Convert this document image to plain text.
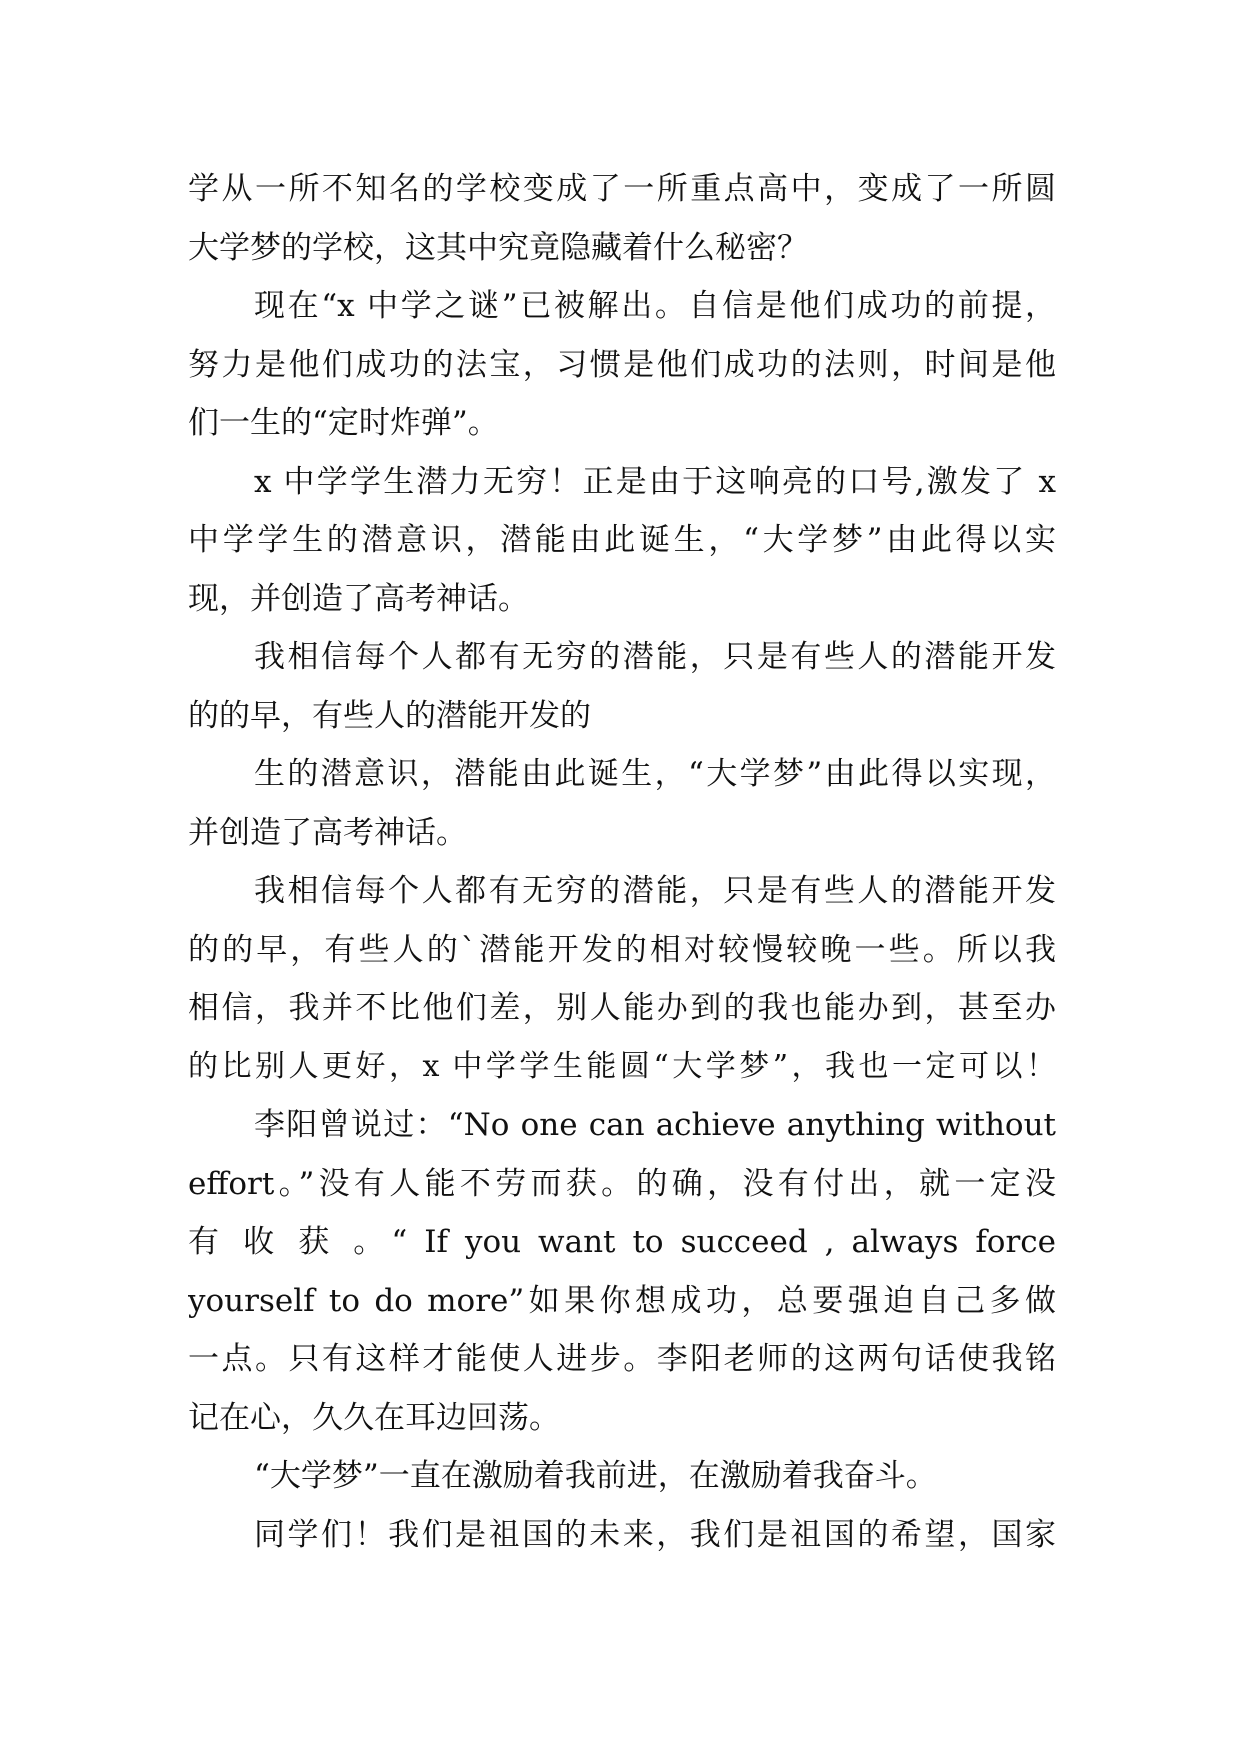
学从一所不知名的学校变成了一所重点高中，变成了一所圆
大学梦的学校，这其中究竟隐藏着什么秘密？
现在“x 中学之谜”已被解出。自信是他们成功的前提，
努力是他们成功的法宝，习惯是他们成功的法则，时间是他
们一生的“定时炸弹”。
x 中学学生潜力无穷！正是由于这响亮的口号,激发了 x
中学学生的潜意识，潜能由此诞生，“大学梦”由此得以实
现，并创造了高考神话。
我相信每个人都有无穷的潜能，只是有些人的潜能开发
的的早，有些人的潜能开发的
生的潜意识，潜能由此诞生，“大学梦”由此得以实现，
并创造了高考神话。
我相信每个人都有无穷的潜能，只是有些人的潜能开发
的的早，有些人的`潜能开发的相对较慢较晚一些。所以我
相信，我并不比他们差，别人能办到的我也能办到，甚至办
的比别人更好，x 中学学生能圆“大学梦”，我也一定可以！
李阳曾说过：“No one can achieve anything without
effort。”没有人能不劳而获。的确，没有付出，就一定没
有 收 获 。“ If you want to succeed , always force
yourself to do more”如果你想成功，总要强迫自己多做
一点。只有这样才能使人进步。李阳老师的这两句话使我铭
记在心，久久在耳边回荡。
“大学梦”一直在激励着我前进，在激励着我奋斗。
同学们！我们是祖国的未来，我们是祖国的希望，国家
